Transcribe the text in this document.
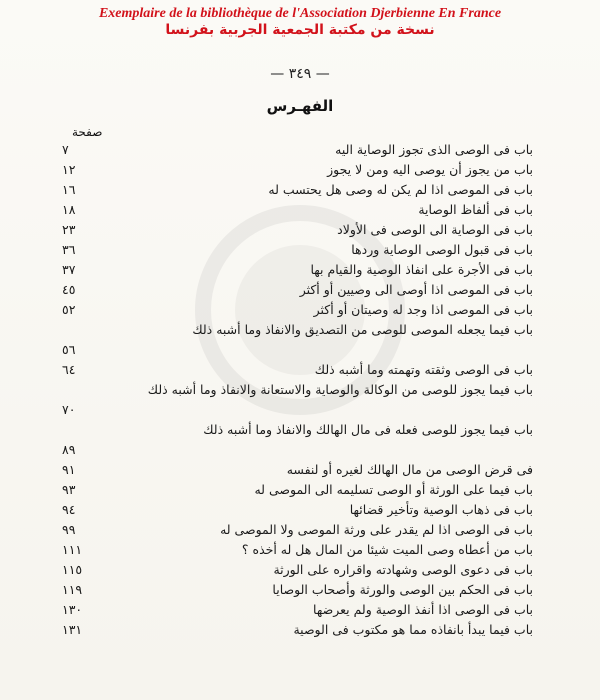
Exemplaire de la bibliothèque de l'Association Djerbienne En France
نسخة من مكتبة الجمعية الجربية بفرنسا
— ٣٤٩ —
الفهـرس
صفحة
باب فى الوصى الذى تجوز الوصاية اليه
٧
باب من يجوز أن يوصى اليه ومن لا يجوز
١٢
باب فى الموصى اذا لم يكن له وصى هل يحتسب له
١٦
باب فى ألفاظ الوصاية
١٨
باب فى الوصاية الى الوصى فى الأولاد
٢٣
باب فى قبول الوصى الوصاية وردها
٣٦
باب فى الأجرة على انفاذ الوصية والقيام بها
٣٧
باب فى الموصى اذا أوصى الى وصيين أو أكثر
٤٥
باب فى الموصى اذا وجد له وصيتان أو أكثر
٥٢
باب فيما يجعله الموصى للوصى من التصديق والانفاذ وما أشبه ذلك
٥٦
باب فى الوصى وثقته وتهمته وما أشبه ذلك
٦٤
باب فيما يجوز للوصى من الوكالة والوصاية والاستعانة والانفاذ وما أشبه ذلك
٧٠
باب فيما يجوز للوصى فعله فى مال الهالك والانفاذ وما أشبه ذلك
٨٩
فى قرض الوصى من مال الهالك لغيره أو لنفسه
٩١
باب فيما على الورثة أو الوصى تسليمه الى الموصى له
٩٣
باب فى ذهاب الوصية وتأخير قضائها
٩٤
باب فى الوصى اذا لم يقدر على ورثة الموصى ولا الموصى له
٩٩
باب من أعطاه وصى الميت شيئا من المال هل له أخذه ؟
١١١
باب فى دعوى الوصى وشهادته واقراره على الورثة
١١٥
باب فى الحكم بين الوصى والورثة وأصحاب الوصايا
١١٩
باب فى الوصى اذا أنفذ الوصية ولم يعرضها
١٣٠
باب فيما يبدأ بانفاذه مما هو مكتوب فى الوصية
١٣١
